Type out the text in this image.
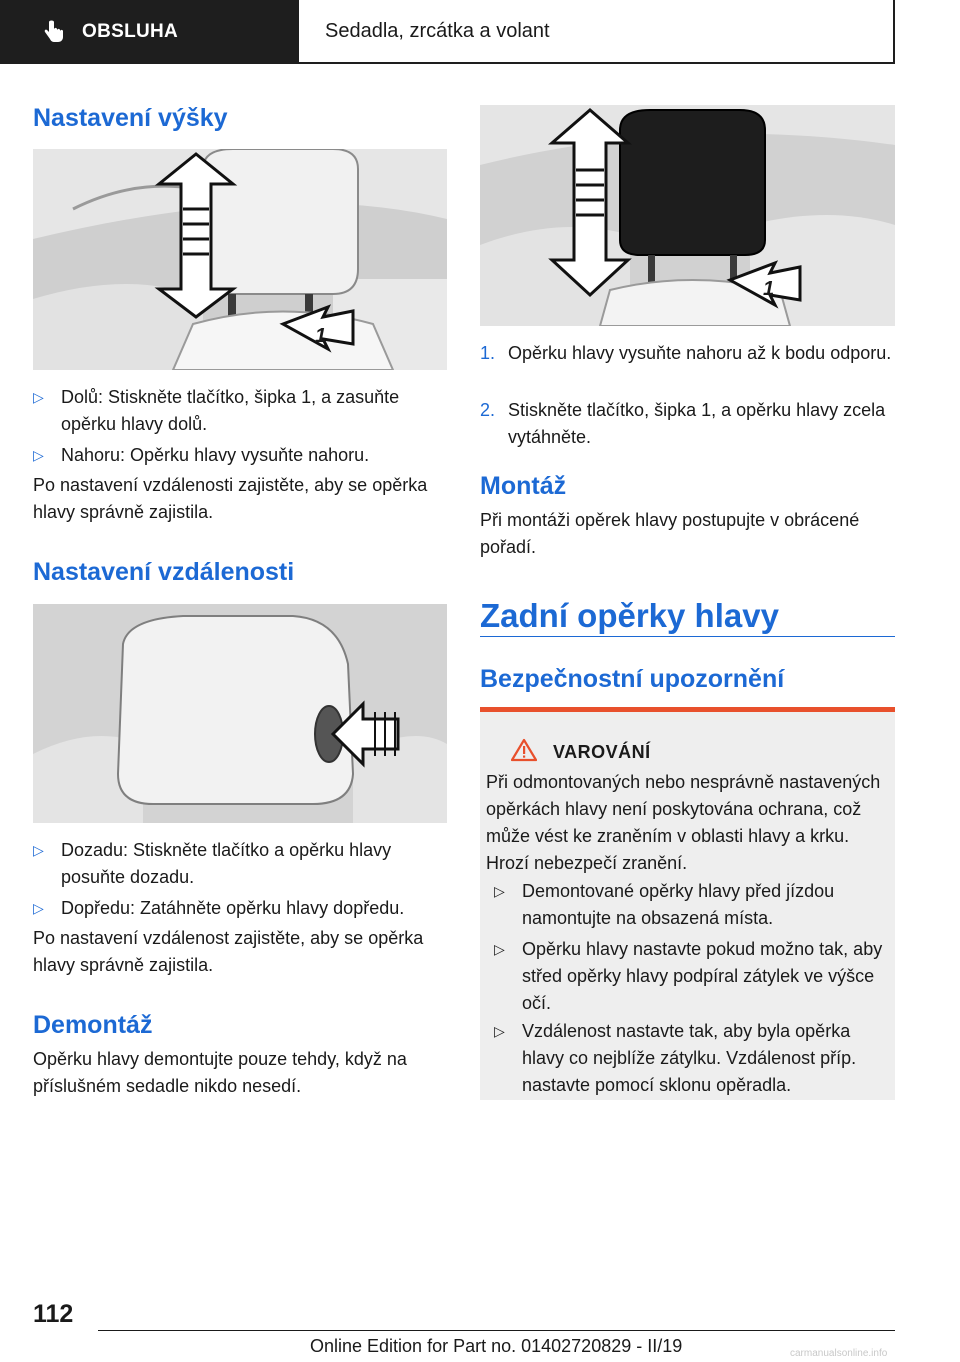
OBSLUHA	Sedadla, zrcátka a volant
Nastavení výšky
1
▷ Dolů: Stiskněte tlačítko, šipka 1, a zasuňte opěrku hlavy dolů.
▷ Nahoru: Opěrku hlavy vysuňte nahoru.
Po nastavení vzdálenosti zajistěte, aby se opěrka hlavy správně zajistila.
Nastavení vzdálenosti
▷ Dozadu: Stiskněte tlačítko a opěrku hlavy posuňte dozadu.
▷ Dopředu: Zatáhněte opěrku hlavy dopředu.
Po nastavení vzdálenost zajistěte, aby se opěrka hlavy správně zajistila.
Demontáž
Opěrku hlavy demontujte pouze tehdy, když na příslušném sedadle nikdo nesedí.
1
1. Opěrku hlavy vysuňte nahoru až k bodu odporu.
2. Stiskněte tlačítko, šipka 1, a opěrku hlavy zcela vytáhněte.
Montáž
Při montáži opěrek hlavy postupujte v obrácené pořadí.
Zadní opěrky hlavy
Bezpečnostní upozornění
VAROVÁNÍ
Při odmontovaných nebo nesprávně nastavených opěrkách hlavy není poskytována ochrana, což může vést ke zraněním v oblasti hlavy a krku. Hrozí nebezpečí zranění.
▷ Demontované opěrky hlavy před jízdou namontujte na obsazená místa.
▷ Opěrku hlavy nastavte pokud možno tak, aby střed opěrky hlavy podpíral zátylek ve výšce očí.
▷ Vzdálenost nastavte tak, aby byla opěrka hlavy co nejblíže zátylku. Vzdálenost příp. nastavte pomocí sklonu opěradla.
112
Online Edition for Part no. 01402720829 - II/19	carmanualsonline.info
